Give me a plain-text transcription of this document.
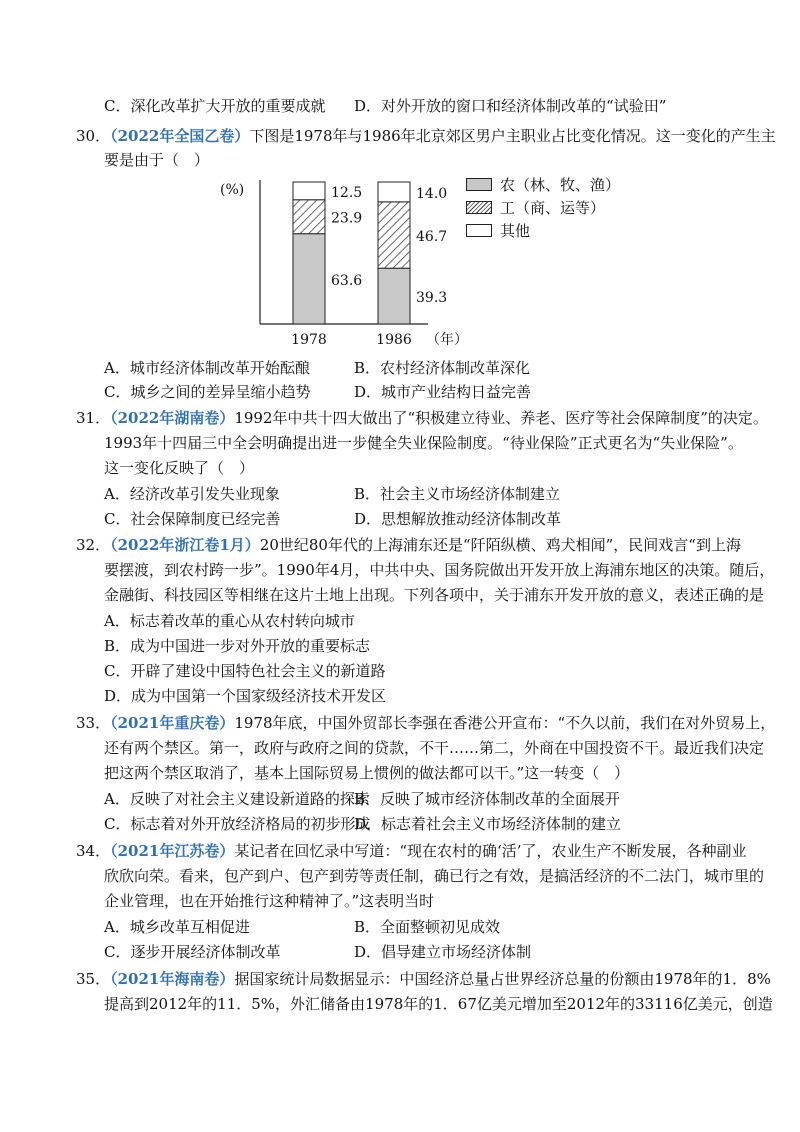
C．深化改革扩大开放的重要成就 D．对外开放的窗口和经济体制改革的“试验田”
30．（2022年全国乙卷）下图是1978年与1986年北京郊区男户主职业占比变化情况。这一变化的产生主
要是由于（　）
(%)
（年）
63.6
23.9
12.5
1978
39.3
46.7
14.0
1986
农（林、牧、渔）
工（商、运等）
其他
A．城市经济体制改革开始酝酿	B．农村经济体制改革深化
C．城乡之间的差异呈缩小趋势	D．城市产业结构日益完善
31．（2022年湖南卷）1992年中共十四大做出了“积极建立待业、养老、医疗等社会保障制度”的决定。
1993年十四届三中全会明确提出进一步健全失业保险制度。“待业保险”正式更名为“失业保险”。
这一变化反映了（　）
A．经济改革引发失业现象	B．社会主义市场经济体制建立
C．社会保障制度已经完善	D．思想解放推动经济体制改革
32．（2022年浙江卷1月）20世纪80年代的上海浦东还是“阡陌纵横、鸡犬相闻”，民间戏言“到上海
要摆渡，到农村跨一步”。1990年4月，中共中央、国务院做出开发开放上海浦东地区的决策。随后，
金融街、科技园区等相继在这片土地上出现。下列各项中，关于浦东开发开放的意义，表述正确的是
A．标志着改革的重心从农村转向城市
B．成为中国进一步对外开放的重要标志
C．开辟了建设中国特色社会主义的新道路
D．成为中国第一个国家级经济技术开发区
33．（2021年重庆卷）1978年底，中国外贸部长李强在香港公开宣布：“不久以前，我们在对外贸易上，
还有两个禁区。第一，政府与政府之间的贷款，不干……第二，外商在中国投资不干。最近我们决定
把这两个禁区取消了，基本上国际贸易上惯例的做法都可以干。”这一转变（　）
A．反映了对社会主义建设新道路的探索
B．反映了城市经济体制改革的全面展开
C．标志着对外开放经济格局的初步形成
D．标志着社会主义市场经济体制的建立
34．（2021年江苏卷）某记者在回忆录中写道：“现在农村的确‘活’了，农业生产不断发展，各种副业
欣欣向荣。看来，包产到户、包产到劳等责任制，确已行之有效，是搞活经济的不二法门，城市里的
企业管理，也在开始推行这种精神了。”这表明当时
A．城乡改革互相促进	B．全面整顿初见成效
C．逐步开展经济体制改革	D．倡导建立市场经济体制
35．（2021年海南卷）据国家统计局数据显示：中国经济总量占世界经济总量的份额由1978年的1．8%
提高到2012年的11．5%，外汇储备由1978年的1．67亿美元增加至2012年的33116亿美元，创造
